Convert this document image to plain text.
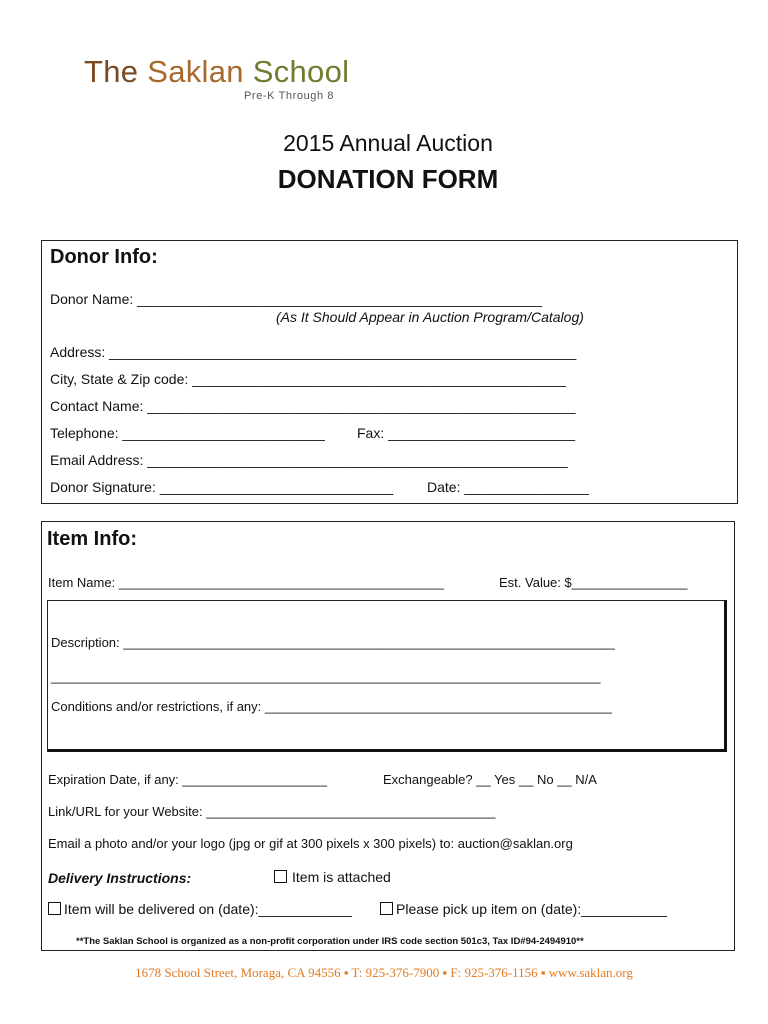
The Saklan School
Pre-K Through 8
2015 Annual Auction
DONATION FORM
Donor Info:
Donor Name: ____________________________________________________
(As It Should Appear in Auction Program/Catalog)
Address: ____________________________________________________________
City, State & Zip code: ________________________________________________
Contact Name: _______________________________________________________
Telephone: __________________________ Fax: ________________________
Email Address: ______________________________________________________
Donor Signature: ______________________________ Date: ________________
Item Info:
Item Name: _____________________________________________	Est. Value: $________________
Description: ____________________________________________________________________
____________________________________________________________________________
Conditions and/or restrictions, if any: ________________________________________________
Expiration Date, if any: ____________________	Exchangeable? __ Yes __ No __ N/A
Link/URL for your Website: ________________________________________
Email a photo and/or your logo (jpg or gif at 300 pixels x 300 pixels) to: auction@saklan.org
Delivery Instructions:	Item is attached
Item will be delivered on (date):____________	Please pick up item on (date):___________
**The Saklan School is organized as a non-profit corporation under IRS code section 501c3, Tax ID#94-2494910**
1678 School Street, Moraga, CA 94556 ▪ T: 925-376-7900 ▪ F: 925-376-1156 ▪ www.saklan.org
